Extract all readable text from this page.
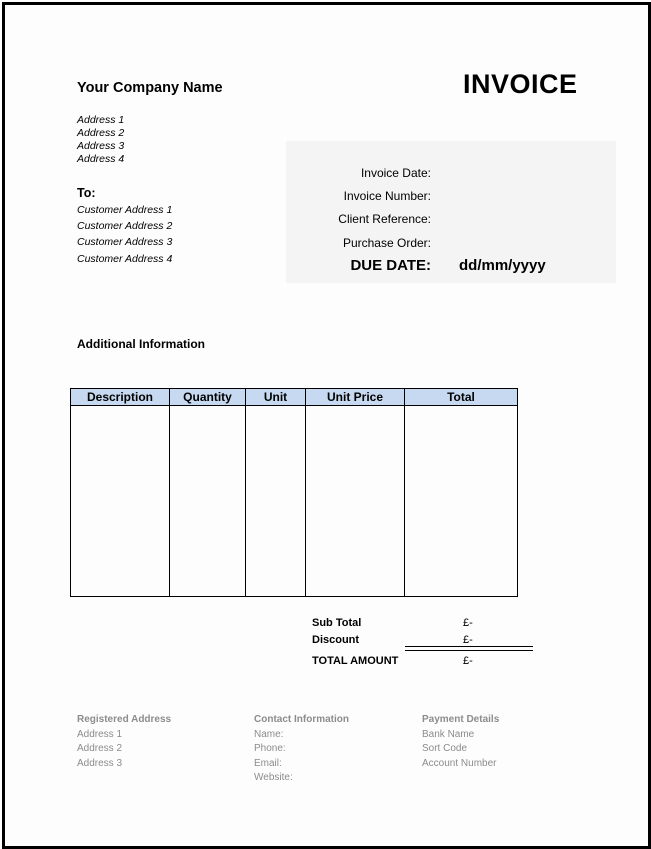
Your Company Name
Address 1
Address 2
Address 3
Address 4
INVOICE
To:
Customer Address 1
Customer Address 2
Customer Address 3
Customer Address 4
Invoice Date:
Invoice Number:
Client Reference:
Purchase Order:
DUE DATE: dd/mm/yyyy
Additional Information
Description	Quantity	Unit	Unit Price	Total

Sub Total	£-
Discount	£-
TOTAL AMOUNT	£-
Registered Address
Address 1
Address 2
Address 3
Contact Information
Name:
Phone:
Email:
Website:
Payment Details
Bank Name
Sort Code
Account Number
